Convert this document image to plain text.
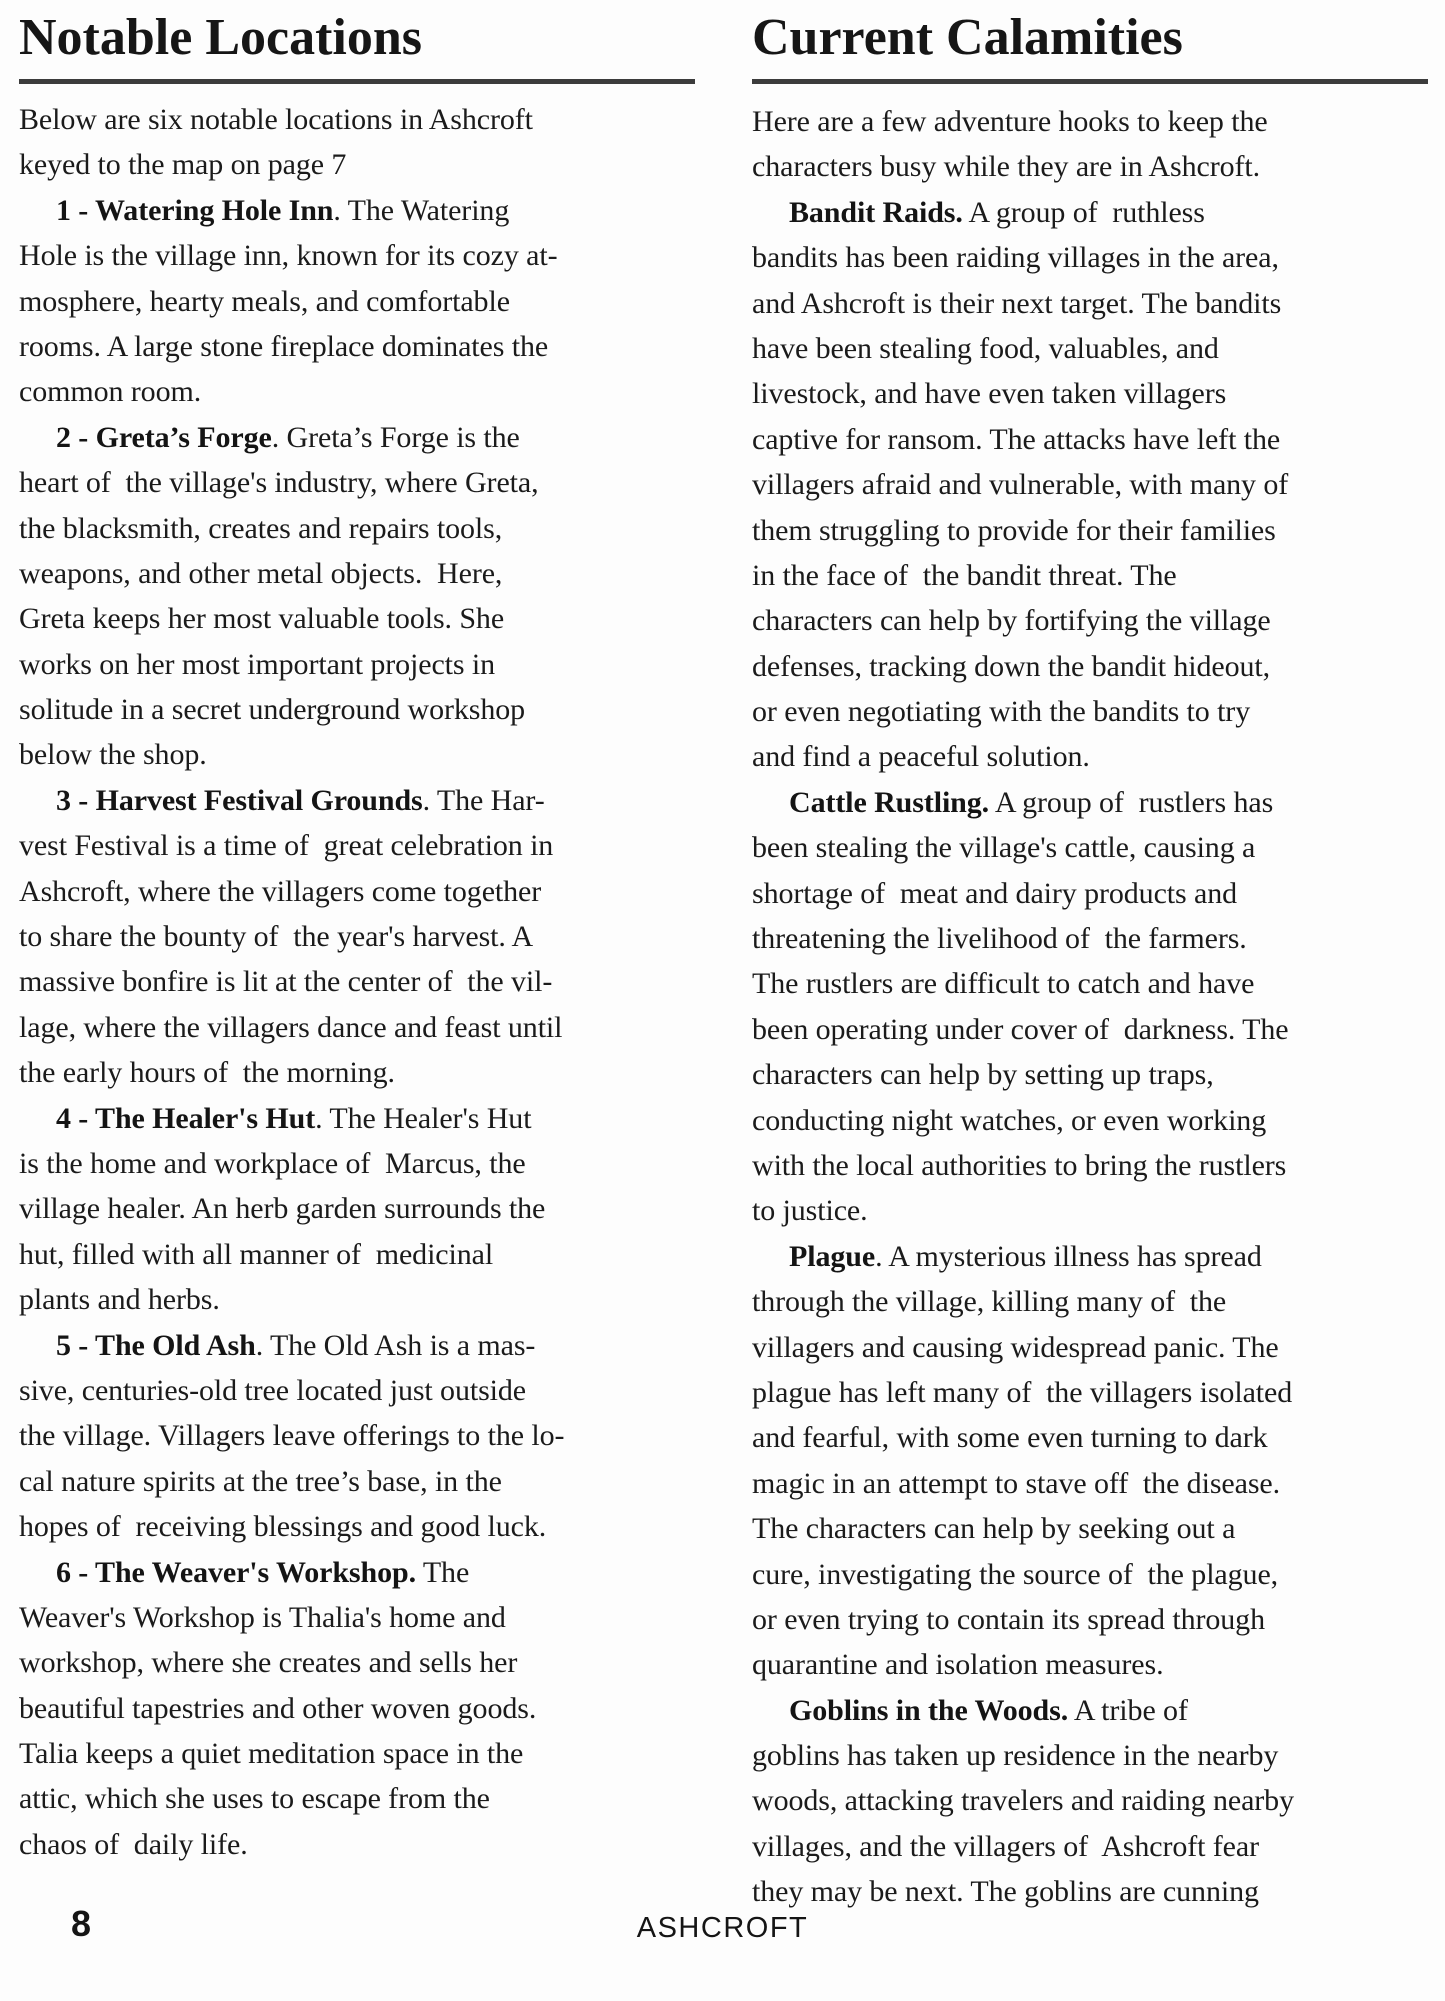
Notable Locations
Below are six notable locations in Ashcroft
keyed to the map on page 7
1 - Watering Hole Inn. The Watering
Hole is the village inn, known for its cozy at-
mosphere, hearty meals, and comfortable
rooms. A large stone fireplace dominates the
common room.
2 - Greta’s Forge. Greta’s Forge is the
heart of  the village's industry, where Greta,
the blacksmith, creates and repairs tools,
weapons, and other metal objects.  Here,
Greta keeps her most valuable tools. She
works on her most important projects in
solitude in a secret underground workshop
below the shop.
3 - Harvest Festival Grounds. The Har-
vest Festival is a time of  great celebration in
Ashcroft, where the villagers come together
to share the bounty of  the year's harvest. A
massive bonfire is lit at the center of  the vil-
lage, where the villagers dance and feast until
the early hours of  the morning.
4 - The Healer's Hut. The Healer's Hut
is the home and workplace of  Marcus, the
village healer. An herb garden surrounds the
hut, filled with all manner of  medicinal
plants and herbs.
5 - The Old Ash. The Old Ash is a mas-
sive, centuries-old tree located just outside
the village. Villagers leave offerings to the lo-
cal nature spirits at the tree’s base, in the
hopes of  receiving blessings and good luck.
6 - The Weaver's Workshop. The
Weaver's Workshop is Thalia's home and
workshop, where she creates and sells her
beautiful tapestries and other woven goods.
Talia keeps a quiet meditation space in the
attic, which she uses to escape from the
chaos of  daily life.
Current Calamities
Here are a few adventure hooks to keep the
characters busy while they are in Ashcroft.
Bandit Raids. A group of  ruthless
bandits has been raiding villages in the area,
and Ashcroft is their next target. The bandits
have been stealing food, valuables, and
livestock, and have even taken villagers
captive for ransom. The attacks have left the
villagers afraid and vulnerable, with many of
them struggling to provide for their families
in the face of  the bandit threat. The
characters can help by fortifying the village
defenses, tracking down the bandit hideout,
or even negotiating with the bandits to try
and find a peaceful solution.
Cattle Rustling. A group of  rustlers has
been stealing the village's cattle, causing a
shortage of  meat and dairy products and
threatening the livelihood of  the farmers.
The rustlers are difficult to catch and have
been operating under cover of  darkness. The
characters can help by setting up traps,
conducting night watches, or even working
with the local authorities to bring the rustlers
to justice.
Plague. A mysterious illness has spread
through the village, killing many of  the
villagers and causing widespread panic. The
plague has left many of  the villagers isolated
and fearful, with some even turning to dark
magic in an attempt to stave off  the disease.
The characters can help by seeking out a
cure, investigating the source of  the plague,
or even trying to contain its spread through
quarantine and isolation measures.
Goblins in the Woods. A tribe of
goblins has taken up residence in the nearby
woods, attacking travelers and raiding nearby
villages, and the villagers of  Ashcroft fear
they may be next. The goblins are cunning
8	ASHCROFT
